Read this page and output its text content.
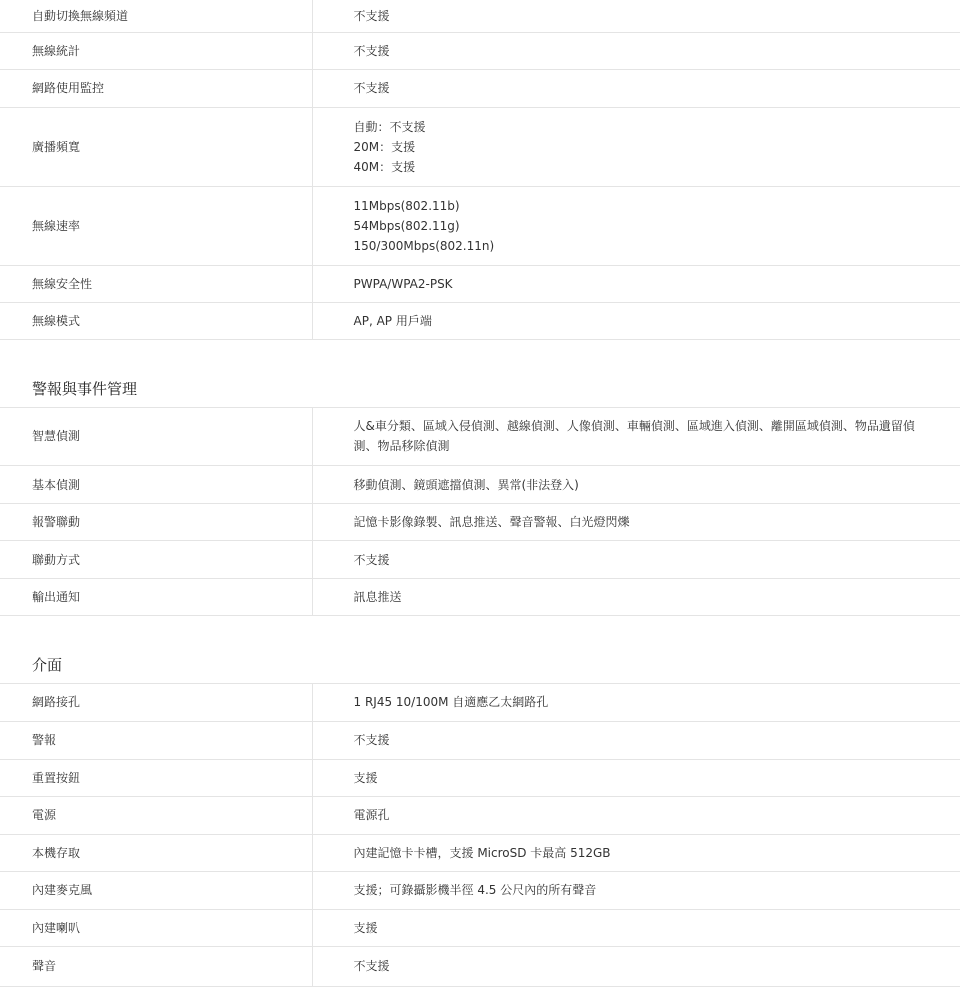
自動切換無線頻道	不支援

無線統計	不支援

網路使用監控	不支援

廣播頻寬	自動：不支援
20M：支援
40M：支援

無線速率	11Mbps(802.11b)
54Mbps(802.11g)
150/300Mbps(802.11n)

無線安全性	PWPA/WPA2-PSK

無線模式	AP, AP 用戶端
警報與事件管理
智慧偵測	人&車分類、區域入侵偵測、越線偵測、人像偵測、車輛偵測、區域進入偵測、離開區域偵測、物品遺留偵測、物品移除偵測

基本偵測	移動偵測、鏡頭遮擋偵測、異常(非法登入)

報警聯動	記憶卡影像錄製、訊息推送、聲音警報、白光燈閃爍

聯動方式	不支援

輸出通知	訊息推送
介面
網路接孔	1 RJ45 10/100M 自適應乙太網路孔

警報	不支援

重置按鈕	支援

電源	電源孔

本機存取	內建記憶卡卡槽，支援 MicroSD 卡最高 512GB

內建麥克風	支援；可錄攝影機半徑 4.5 公尺內的所有聲音

內建喇叭	支援

聲音	不支援
